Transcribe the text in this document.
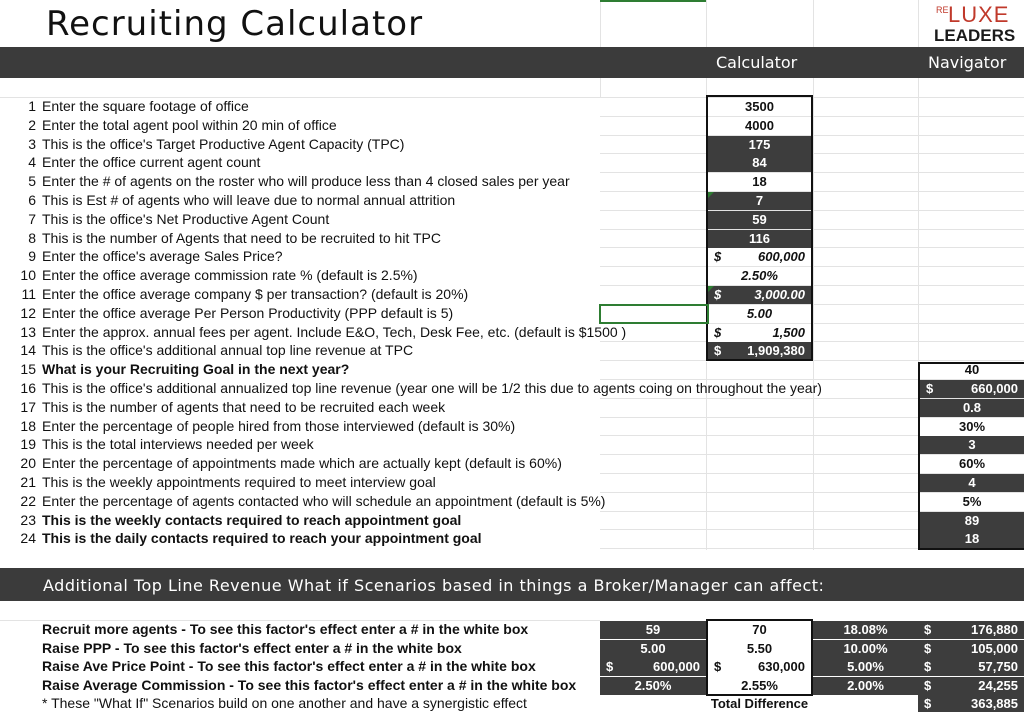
Recruiting Calculator	RE LUXE
LEADERS
Calculator	Navigator
1 Enter the square footage of office	3500
2 Enter the total agent pool within 20 min of office	4000
3 This is the office's Target Productive Agent Capacity (TPC)	175
4 Enter the office current agent count	84
5 Enter the # of agents on the roster who will produce less than 4 closed sales per year	18
6 This is Est # of agents who will leave due to normal annual attrition	7
7 This is the office's Net Productive Agent Count	59
8 This is the number of Agents that need to be recruited to hit TPC	116
9 Enter the office's average Sales Price?	$	600,000
10 Enter the office average commission rate % (default is 2.5%)	2.50%
11 Enter the office average company $ per transaction? (default is 20%)	$	3,000.00
12 Enter the office average Per Person Productivity (PPP default is 5)	5.00
13 Enter the approx. annual fees per agent. Include E&O, Tech, Desk Fee, etc. (default is $1500 )	$	1,500
14 This is the office's additional annual top line revenue at TPC	$ 1,909,380
15 What is your Recruiting Goal in the next year?	40
16 This is the office's additional annualized top line revenue (year one will be 1/2 this due to agents coing on throughout the year)	$	660,000
17 This is the number of agents that need to be recruited each week	0.8
18 Enter the percentage of people hired from those interviewed (default is 30%)	30%
19 This is the total interviews needed per week	3
20 Enter the percentage of appointments made which are actually kept (default is 60%)	60%
21 This is the weekly appointments required to meet interview goal	4
22 Enter the percentage of agents contacted who will schedule an appointment (default is 5%)	5%
23 This is the weekly contacts required to reach appointment goal	89
24 This is the daily contacts required to reach your appointment goal	18
Additional Top Line Revenue What if Scenarios based in things a Broker/Manager can affect:
Recruit more agents - To see this factor's effect enter a # in the white box	59	70	18.08%	$	176,880
Raise PPP - To see this factor's effect enter a # in the white box	5.00	5.50	10.00%	$	105,000
Raise Ave Price Point - To see this factor's effect enter a # in the white box	$	600,000 $	630,000	5.00%	$	57,750
Raise Average Commission - To see this factor's effect enter a # in the white box	2.50%	2.55%	2.00%	$	24,255
* These "What If" Scenarios build on one another and have a synergistic effect	Total Difference	$	363,885
